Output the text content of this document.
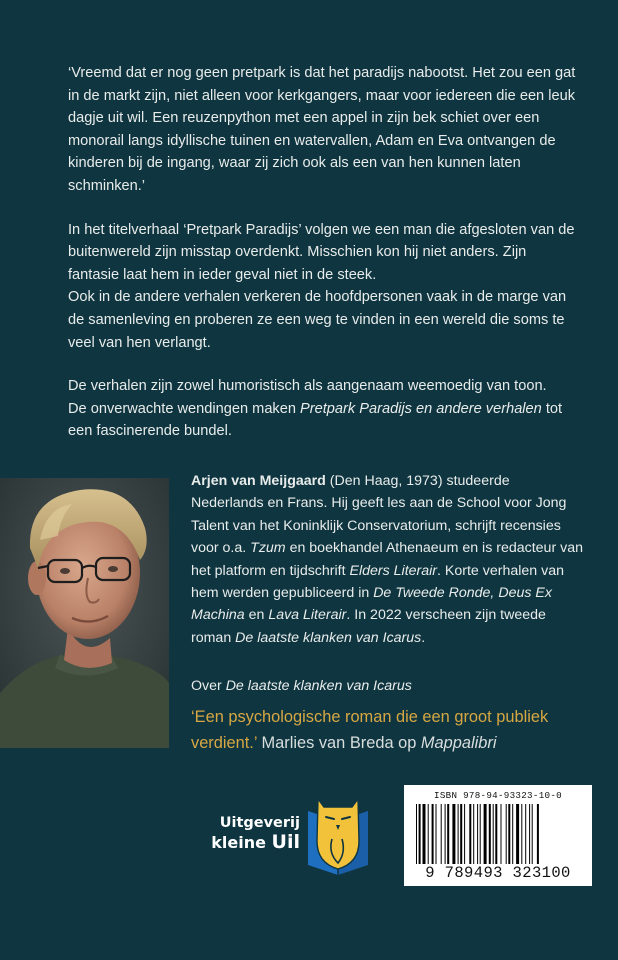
‘Vreemd dat er nog geen pretpark is dat het paradijs nabootst. Het zou een gat in de markt zijn, niet alleen voor kerkgangers, maar voor iedereen die een leuk dagje uit wil. Een reuzenpython met een appel in zijn bek schiet over een monorail langs idyllische tuinen en watervallen, Adam en Eva ontvangen de kinderen bij de ingang, waar zij zich ook als een van hen kunnen laten schminken.’

In het titelverhaal ‘Pretpark Paradijs’ volgen we een man die afgesloten van de buitenwereld zijn misstap overdenkt. Misschien kon hij niet anders. Zijn fantasie laat hem in ieder geval niet in de steek.

Ook in de andere verhalen verkeren de hoofdpersonen vaak in de marge van de samenleving en proberen ze een weg te vinden in een wereld die soms te veel van hen verlangt.

De verhalen zijn zowel humoristisch als aangenaam weemoedig van toon.

De onverwachte wendingen maken Pretpark Paradijs en andere verhalen tot een fascinerende bundel.

Arjen van Meijgaard (Den Haag, 1973) studeerde Nederlands en Frans. Hij geeft les aan de School voor Jong Talent van het Koninklijk Conservatorium, schrijft recensies voor o.a. Tzum en boekhandel Athenaeum en is redacteur van het platform en tijdschrift Elders Literair. Korte verhalen van hem werden gepubliceerd in De Tweede Ronde, Deus Ex Machina en Lava Literair. In 2022 verscheen zijn tweede roman De laatste klanken van Icarus.
Over De laatste klanken van Icarus
‘Een psychologische roman die een groot publiek verdient.’ Marlies van Breda op Mappalibri
Uitgeverij
kleine Uil
ISBN 978-94-93323-10-0
9 789493 323100
